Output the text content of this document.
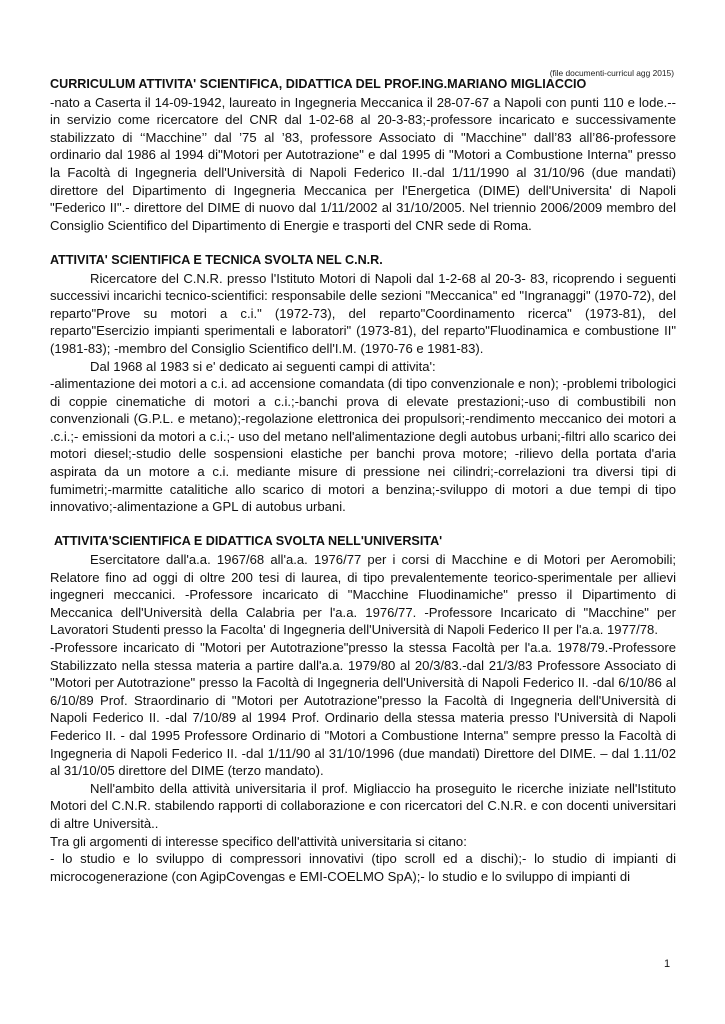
(file documenti-curricul agg 2015)

CURRICULUM ATTIVITA' SCIENTIFICA, DIDATTICA DEL PROF.ING.MARIANO MIGLIACCIO

-nato a Caserta il 14-09-1942, laureato in Ingegneria Meccanica il 28-07-67 a Napoli con punti 110 e lode.--in servizio come ricercatore del CNR dal 1-02-68 al 20-3-83;-professore incaricato e successivamente stabilizzato di ‘‘Macchine’’ dal ’75 al ’83, professore Associato di "Macchine" dall’83 all’86-professore ordinario dal 1986 al 1994 di"Motori per Autotrazione" e dal 1995 di "Motori a Combustione Interna" presso la Facoltà di Ingegneria dell'Università di Napoli Federico II.-dal 1/11/1990 al 31/10/96 (due mandati) direttore del Dipartimento di Ingegneria Meccanica per l'Energetica (DIME) dell'Universita' di Napoli "Federico II".- direttore del DIME di nuovo dal 1/11/2002 al 31/10/2005. Nel triennio 2006/2009 membro del Consiglio Scientifico del Dipartimento di Energie e trasporti del CNR sede di Roma.

ATTIVITA' SCIENTIFICA E TECNICA SVOLTA NEL C.N.R.

Ricercatore del C.N.R. presso l'Istituto Motori di Napoli dal 1-2-68 al 20-3- 83, ricoprendo i seguenti successivi incarichi tecnico-scientifici: responsabile delle sezioni "Meccanica" ed "Ingranaggi" (1970-72), del reparto"Prove su motori a c.i." (1972-73), del reparto"Coordinamento ricerca" (1973-81), del reparto"Esercizio impianti sperimentali e laboratori" (1973-81), del reparto"Fluodinamica e combustione II"(1981-83); -membro del Consiglio Scientifico dell'I.M. (1970-76 e 1981-83).

Dal 1968 al 1983 si e' dedicato ai seguenti campi di attivita':

-alimentazione dei motori a c.i. ad accensione comandata (di tipo convenzionale e non); -problemi tribologici di coppie cinematiche di motori a c.i.;-banchi prova di elevate prestazioni;-uso di combustibili non convenzionali (G.P.L. e metano);-regolazione elettronica dei propulsori;-rendimento meccanico dei motori a .c.i.;- emissioni da motori a c.i.;- uso del metano nell'alimentazione degli autobus urbani;-filtri allo scarico dei motori diesel;-studio delle sospensioni elastiche per banchi prova motore; -rilievo della portata d'aria aspirata da un motore a c.i. mediante misure di pressione nei cilindri;-correlazioni tra diversi tipi di fumimetri;-marmitte catalitiche allo scarico di motori a benzina;-sviluppo di motori a due tempi di tipo innovativo;-alimentazione a GPL di autobus urbani.

ATTIVITA'SCIENTIFICA E DIDATTICA SVOLTA NELL'UNIVERSITA'

Esercitatore dall'a.a. 1967/68 all'a.a. 1976/77 per i corsi di Macchine e di Motori per Aeromobili; Relatore fino ad oggi di oltre 200 tesi di laurea, di tipo prevalentemente teorico-sperimentale per allievi ingegneri meccanici. -Professore incaricato di "Macchine Fluodinamiche" presso il Dipartimento di Meccanica dell'Università della Calabria per l'a.a. 1976/77. -Professore Incaricato di "Macchine" per Lavoratori Studenti presso la Facolta' di Ingegneria dell'Università di Napoli Federico II per l'a.a. 1977/78.

-Professore incaricato di "Motori per Autotrazione"presso la stessa Facoltà per l'a.a. 1978/79.-Professore Stabilizzato nella stessa materia a partire dall'a.a. 1979/80 al 20/3/83.-dal 21/3/83 Professore Associato di "Motori per Autotrazione" presso la Facoltà di Ingegneria dell'Università di Napoli Federico II. -dal 6/10/86 al 6/10/89 Prof. Straordinario di "Motori per Autotrazione"presso la Facoltà di Ingegneria dell'Università di Napoli Federico II. -dal 7/10/89 al 1994 Prof. Ordinario della stessa materia presso l'Università di Napoli Federico II. - dal 1995 Professore Ordinario di "Motori a Combustione Interna" sempre presso la Facoltà di Ingegneria di Napoli Federico II. -dal 1/11/90 al 31/10/1996 (due mandati) Direttore del DIME. – dal 1.11/02 al 31/10/05 direttore del DIME (terzo mandato).

Nell'ambito della attività universitaria il prof. Migliaccio ha proseguito le ricerche iniziate nell'Istituto Motori del C.N.R. stabilendo rapporti di collaborazione e con ricercatori del C.N.R. e con docenti universitari di altre Università..

Tra gli argomenti di interesse specifico dell'attività universitaria si citano:

- lo studio e lo sviluppo di compressori innovativi (tipo scroll ed a dischi);- lo studio di impianti di microcogenerazione (con AgipCovengas e EMI-COELMO SpA);- lo studio e lo sviluppo di impianti di

1
